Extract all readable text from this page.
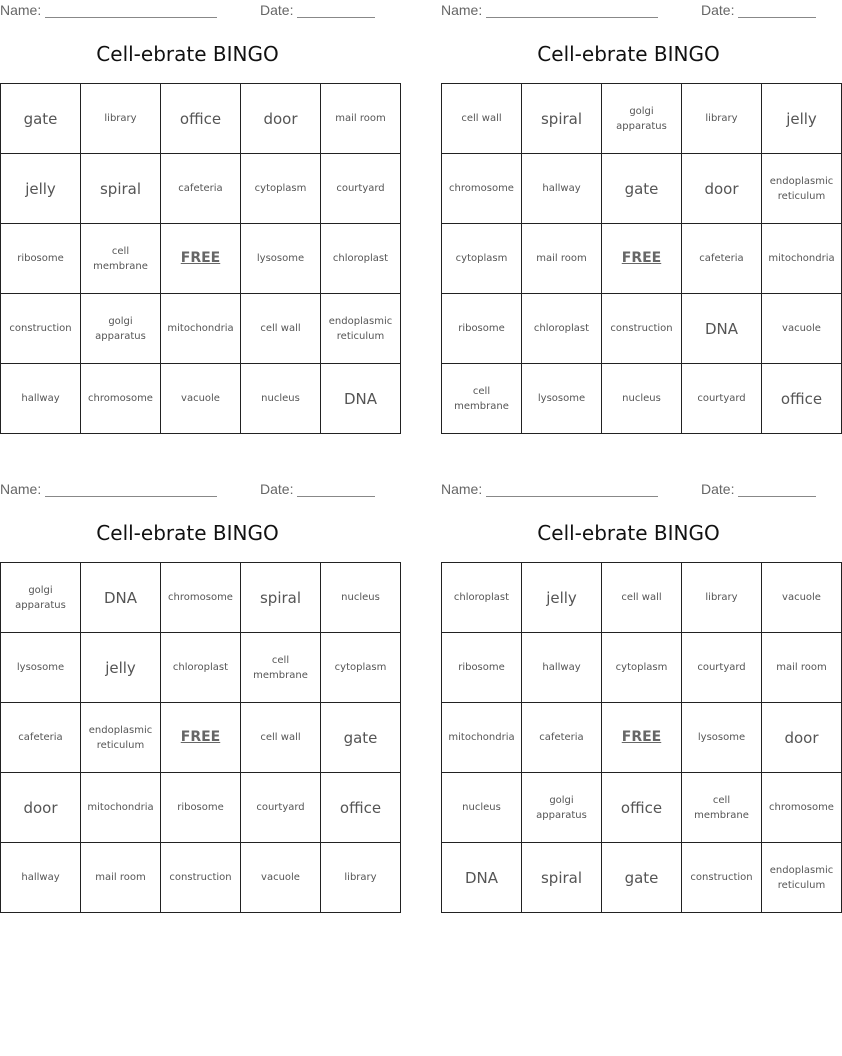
Name:	Date:
Cell-ebrate BINGO
gate	library	office	door	mail room
jelly	spiral	cafeteria	cytoplasm	courtyard
ribosome	cell membrane	FREE	lysosome	chloroplast
construction	golgi apparatus	mitochondria	cell wall	endoplasmic reticulum
hallway	chromosome	vacuole	nucleus	DNA
Name:	Date:
Cell-ebrate BINGO
cell wall	spiral	golgi apparatus	library	jelly
chromosome	hallway	gate	door	endoplasmic reticulum
cytoplasm	mail room	FREE	cafeteria	mitochondria
ribosome	chloroplast	construction	DNA	vacuole
cell membrane	lysosome	nucleus	courtyard	office
Name:	Date:
Cell-ebrate BINGO
golgi apparatus	DNA	chromosome	spiral	nucleus
lysosome	jelly	chloroplast	cell membrane	cytoplasm
cafeteria	endoplasmic reticulum	FREE	cell wall	gate
door	mitochondria	ribosome	courtyard	office
hallway	mail room	construction	vacuole	library
Name:	Date:
Cell-ebrate BINGO
chloroplast	jelly	cell wall	library	vacuole
ribosome	hallway	cytoplasm	courtyard	mail room
mitochondria	cafeteria	FREE	lysosome	door
nucleus	golgi apparatus	office	cell membrane	chromosome
DNA	spiral	gate	construction	endoplasmic reticulum
